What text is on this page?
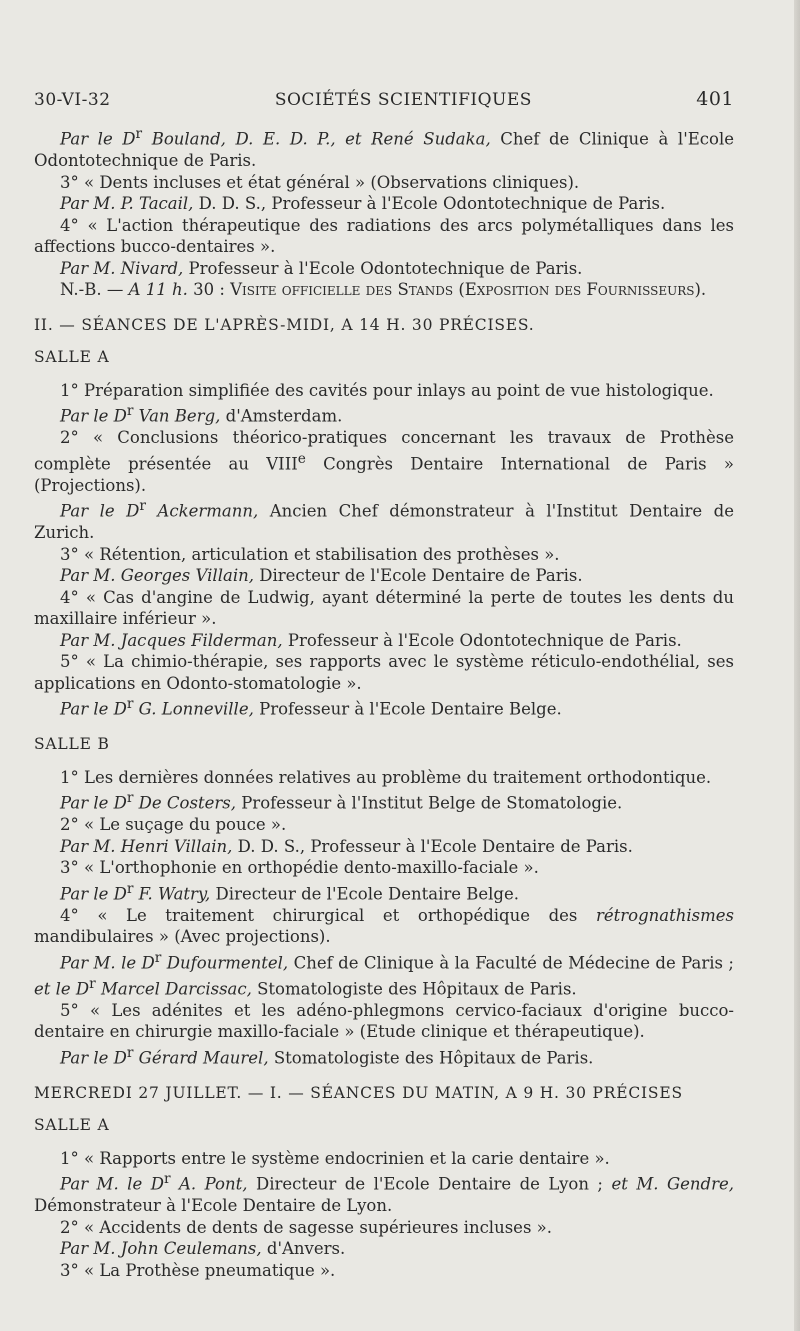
30-VI-32	SOCIÉTÉS SCIENTIFIQUES	401

Par le $D^r$ Bouland, D. E. D. P., et René Sudaka, Chef de Clinique à l'Ecole Odontotechnique de Paris.

3° « Dents incluses et état général » (Observations cliniques).

Par M. P. Tacail, D. D. S., Professeur à l'Ecole Odontotechnique de Paris.

4° « L'action thérapeutique des radiations des arcs polymétalliques dans les affections bucco-dentaires ».

Par M. Nivard, Professeur à l'Ecole Odontotechnique de Paris.

N.-B. — A 11 h. 30 : Visite officielle des Stands (Exposition des Fournisseurs).

II. — SÉANCES DE L'APRÈS-MIDI, A 14 H. 30 PRÉCISES.

SALLE A

1° Préparation simplifiée des cavités pour inlays au point de vue histologique.

Par le $D^r$ Van Berg, d'Amsterdam.

2° « Conclusions théorico-pratiques concernant les travaux de Prothèse complète présentée au VIIIe Congrès Dentaire International de Paris » (Projections).

Par le $D^r$ Ackermann, Ancien Chef démonstrateur à l'Institut Dentaire de Zurich.

3° « Rétention, articulation et stabilisation des prothèses ».

Par M. Georges Villain, Directeur de l'Ecole Dentaire de Paris.

4° « Cas d'angine de Ludwig, ayant déterminé la perte de toutes les dents du maxillaire inférieur ».

Par M. Jacques Filderman, Professeur à l'Ecole Odontotechnique de Paris.

5° « La chimio-thérapie, ses rapports avec le système réticulo-endothélial, ses applications en Odonto-stomatologie ».

Par le $D^r$ G. Lonneville, Professeur à l'Ecole Dentaire Belge.

SALLE B

1° Les dernières données relatives au problème du traitement orthodontique.

Par le $D^r$ De Costers, Professeur à l'Institut Belge de Stomatologie.

2° « Le suçage du pouce ».

Par M. Henri Villain, D. D. S., Professeur à l'Ecole Dentaire de Paris.

3° « L'orthophonie en orthopédie dento-maxillo-faciale ».

Par le $D^r$ F. Watry, Directeur de l'Ecole Dentaire Belge.

4° « Le traitement chirurgical et orthopédique des rétrognathismes mandibulaires » (Avec projections).

Par M. le $D^r$ Dufourmentel, Chef de Clinique à la Faculté de Médecine de Paris ; et le $D^r$ Marcel Darcissac, Stomatologiste des Hôpitaux de Paris.

5° « Les adénites et les adéno-phlegmons cervico-faciaux d'origine bucco-dentaire en chirurgie maxillo-faciale » (Etude clinique et thérapeutique).

Par le $D^r$ Gérard Maurel, Stomatologiste des Hôpitaux de Paris.

MERCREDI 27 JUILLET. — I. — SÉANCES DU MATIN, A 9 H. 30 PRÉCISES

SALLE A

1° « Rapports entre le système endocrinien et la carie dentaire ».

Par M. le $D^r$ A. Pont, Directeur de l'Ecole Dentaire de Lyon ; et M. Gendre, Démonstrateur à l'Ecole Dentaire de Lyon.

2° « Accidents de dents de sagesse supérieures incluses ».

Par M. John Ceulemans, d'Anvers.

3° « La Prothèse pneumatique ».
